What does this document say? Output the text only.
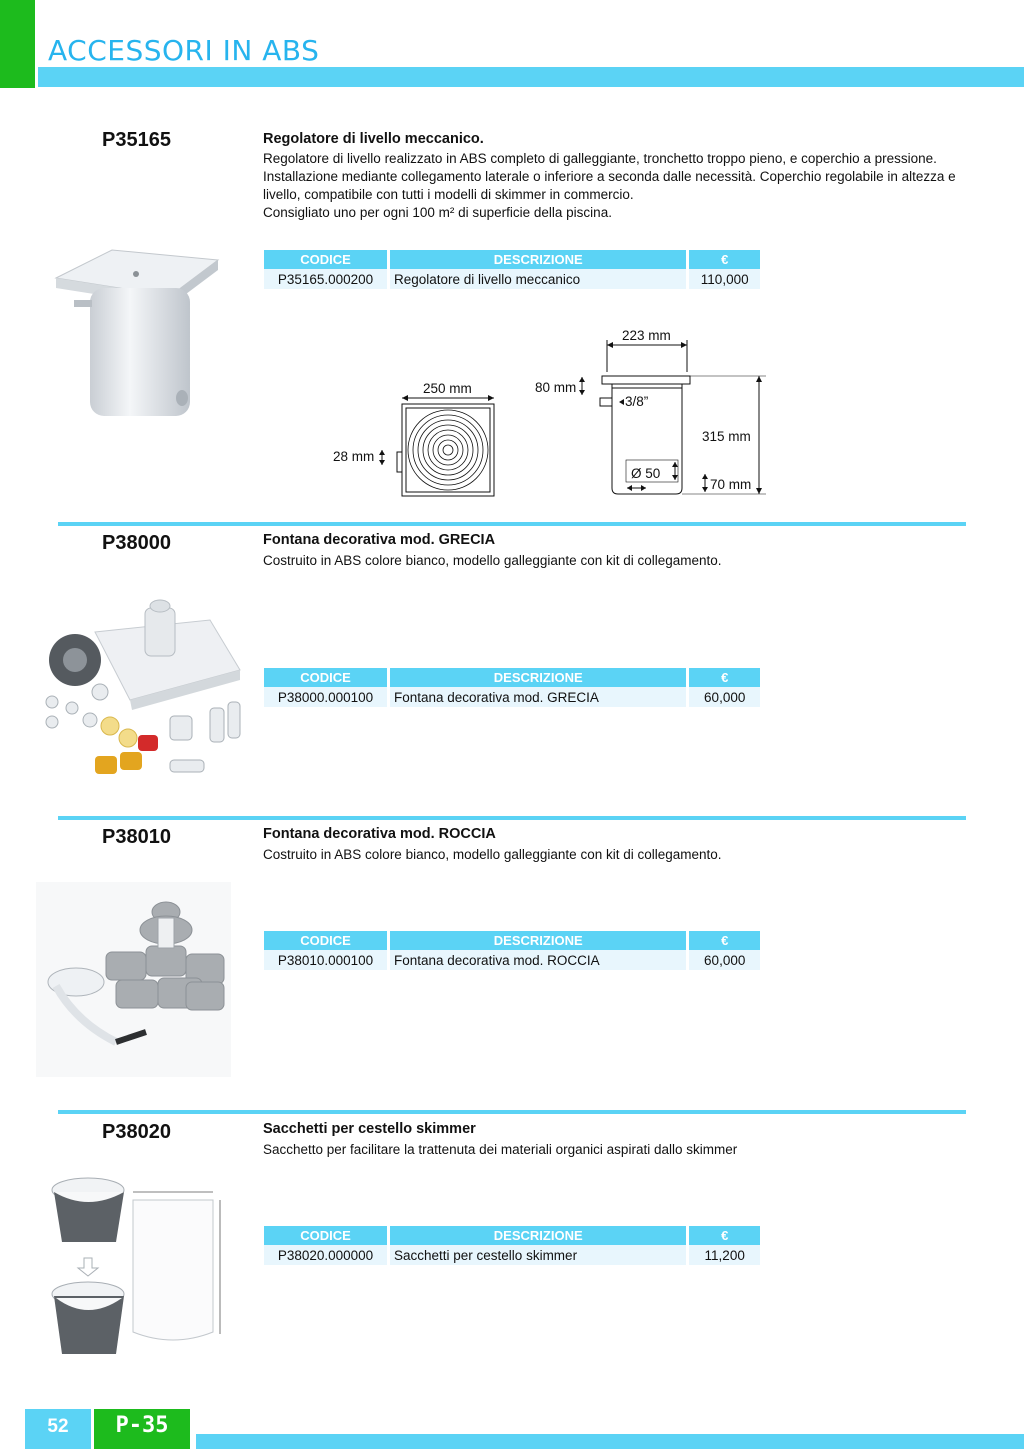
ACCESSORI IN ABS
P35165	Regolatore di livello meccanico.

Regolatore di livello realizzato in ABS completo di galleggiante, tronchetto troppo pieno, e coperchio a pressione.

Installazione mediante collegamento laterale o inferiore a seconda dalle necessità. Coperchio regolabile in altezza e livello, compatibile con tutti i modelli di skimmer in commercio.

Consigliato uno per ogni 100 m² di superficie della piscina.

CODICE	DESCRIZIONE	€
P35165.000200	Regolatore di livello meccanico	110,000
250 mm
28 mm
223 mm
80 mm
3/8”
315 mm
Ø 50
70 mm
P38000	Fontana decorativa mod. GRECIA

Costruito in ABS colore bianco, modello galleggiante con kit di collegamento.

CODICE	DESCRIZIONE	€
P38000.000100	Fontana decorativa mod. GRECIA	60,000
P38010	Fontana decorativa mod. ROCCIA

Costruito in ABS colore bianco, modello galleggiante con kit di collegamento.

CODICE	DESCRIZIONE	€
P38010.000100	Fontana decorativa mod. ROCCIA	60,000
P38020	Sacchetti per cestello skimmer

Sacchetto per facilitare la trattenuta dei materiali organici aspirati dallo skimmer

CODICE	DESCRIZIONE	€
P38020.000000	Sacchetti per cestello skimmer	11,200
52	P-35
